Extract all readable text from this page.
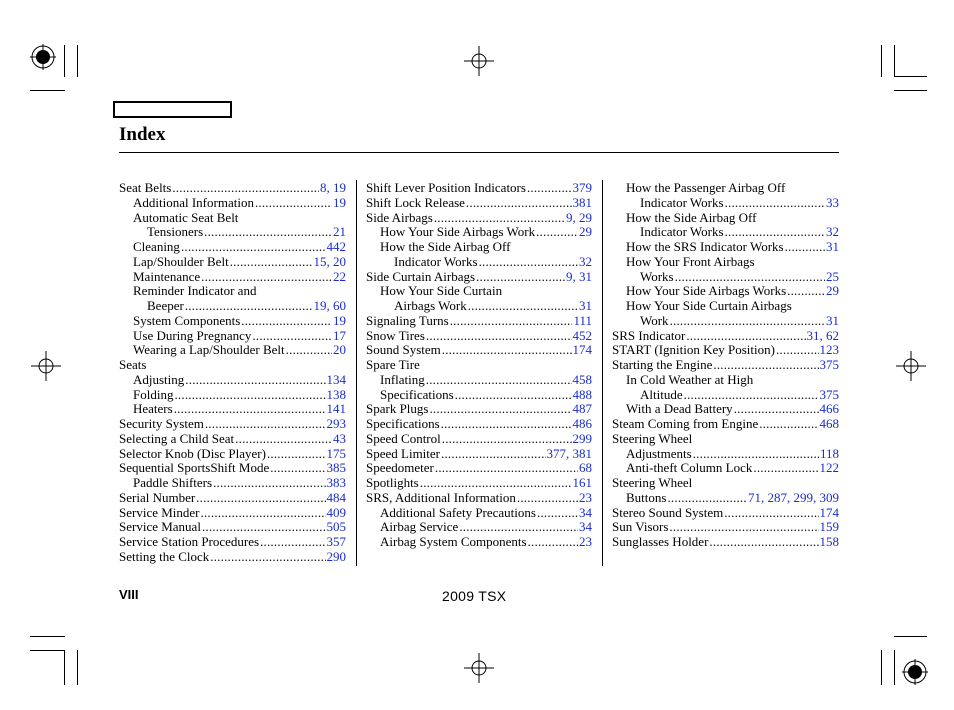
Index
Seat Belts .....	8, 19
Additional Information .....	19
Automatic Seat Belt
Tensioners .....	21
Cleaning .....	442
Lap/Shoulder Belt .....	15, 20
Maintenance .....	22
Reminder Indicator and
Beeper .....	19, 60
System Components .....	19
Use During Pregnancy .....	17
Wearing a Lap/Shoulder Belt .....	20
Seats
Adjusting .....	134
Folding .....	138
Heaters .....	141
Security System .....	293
Selecting a Child Seat .....	43
Selector Knob (Disc Player) .....	175
Sequential SportsShift Mode .....	385
Paddle Shifters .....	383
Serial Number .....	484
Service Minder .....	409
Service Manual .....	505
Service Station Procedures .....	357
Setting the Clock .....	290
Shift Lever Position Indicators .....	379
Shift Lock Release .....	381
Side Airbags .....	9, 29
How Your Side Airbags Work .....	29
How the Side Airbag Off
Indicator Works .....	32
Side Curtain Airbags .....	9, 31
How Your Side Curtain
Airbags Work .....	31
Signaling Turns .....	111
Snow Tires .....	452
Sound System .....	174
Spare Tire
Inflating .....	458
Specifications .....	488
Spark Plugs .....	487
Specifications .....	486
Speed Control .....	299
Speed Limiter .....	377, 381
Speedometer .....	68
Spotlights .....	161
SRS, Additional Information .....	23
Additional Safety Precautions .....	34
Airbag Service .....	34
Airbag System Components .....	23
How the Passenger Airbag Off
Indicator Works .....	33
How the Side Airbag Off
Indicator Works .....	32
How the SRS Indicator Works .....	31
How Your Front Airbags
Works .....	25
How Your Side Airbags Works .....	29
How Your Side Curtain Airbags
Work .....	31
SRS Indicator .....	31, 62
START (Ignition Key Position) .....	123
Starting the Engine .....	375
In Cold Weather at High
Altitude .....	375
With a Dead Battery .....	466
Steam Coming from Engine .....	468
Steering Wheel
Adjustments .....	118
Anti-theft Column Lock .....	122
Steering Wheel
Buttons .....	71, 287, 299, 309
Stereo Sound System .....	174
Sun Visors .....	159
Sunglasses Holder .....	158
VIII	2009 TSX
